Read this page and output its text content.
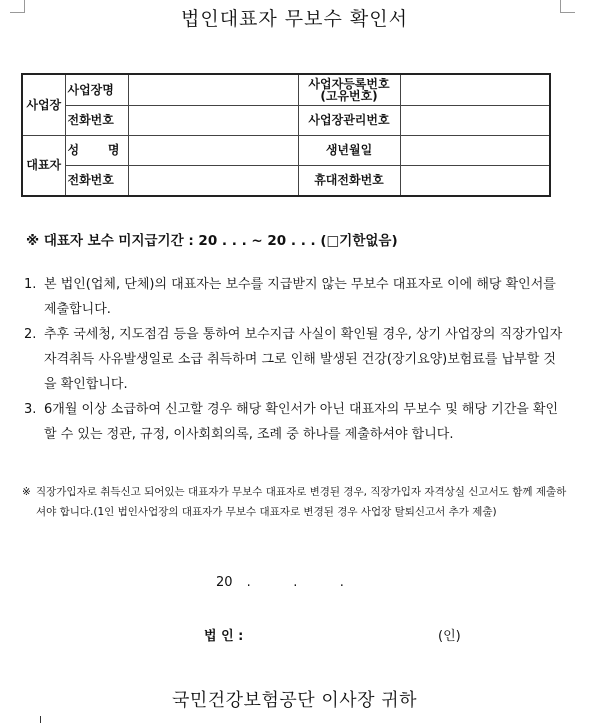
법인대표자 무보수 확인서
사업장	사업장명		사업자등록번호
(고유번호)	

	전화번호		사업장관리번호	
대표자	성 명		생년월일	
	전화번호		휴대전화번호	
※ 대표자 보수 미지급기간 : 20 . . . ~ 20 . . . (□기한없음)
1. 본 법인(업체, 단체)의 대표자는 보수를 지급받지 않는 무보수 대표자로 이에 해당 확인서를 제출합니다.
2. 추후 국세청, 지도점검 등을 통하여 보수지급 사실이 확인될 경우, 상기 사업장의 직장가입자 자격취득 사유발생일로 소급 취득하며 그로 인해 발생된 건강(장기요양)보험료를 납부할 것을 확인합니다.
3. 6개월 이상 소급하여 신고할 경우 해당 확인서가 아닌 대표자의 무보수 및 해당 기간을 확인할 수 있는 정관, 규정, 이사회회의록, 조례 중 하나를 제출하셔야 합니다.
※ 직장가입자로 취득신고 되어있는 대표자가 무보수 대표자로 변경된 경우, 직장가입자 자격상실 신고서도 함께 제출하셔야 합니다.(1인 법인사업장의 대표자가 무보수 대표자로 변경된 경우 사업장 탈퇴신고서 추가 제출)
20 .   .   .
법 인 :	(인)
국민건강보험공단 이사장 귀하
